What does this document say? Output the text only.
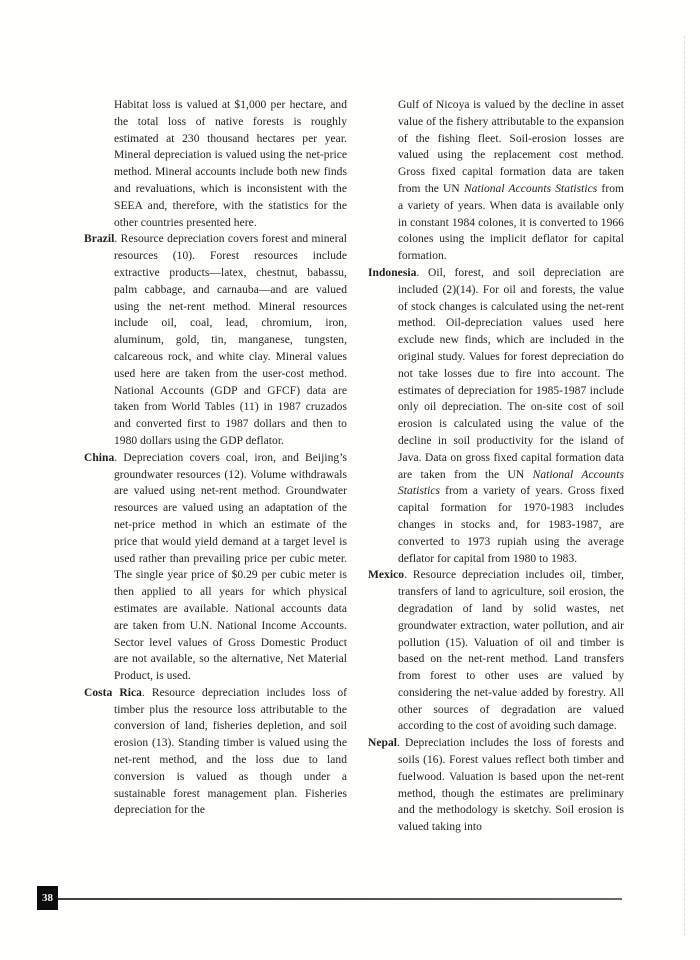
Habitat loss is valued at $1,000 per hectare, and the total loss of native forests is roughly estimated at 230 thousand hectares per year. Mineral depreciation is valued using the net-price method. Mineral accounts include both new finds and revaluations, which is inconsistent with the SEEA and, therefore, with the statistics for the other countries presented here.

Brazil. Resource depreciation covers forest and mineral resources (10). Forest resources include extractive products—latex, chestnut, babassu, palm cabbage, and carnauba—and are valued using the net-rent method. Mineral resources include oil, coal, lead, chromium, iron, aluminum, gold, tin, manganese, tungsten, calcareous rock, and white clay. Mineral values used here are taken from the user-cost method. National Accounts (GDP and GFCF) data are taken from World Tables (11) in 1987 cruzados and converted first to 1987 dollars and then to 1980 dollars using the GDP deflator.

China. Depreciation covers coal, iron, and Beijing’s groundwater resources (12). Volume withdrawals are valued using net-rent method. Groundwater resources are valued using an adaptation of the net-price method in which an estimate of the price that would yield demand at a target level is used rather than prevailing price per cubic meter. The single year price of $0.29 per cubic meter is then applied to all years for which physical estimates are available. National accounts data are taken from U.N. National Income Accounts. Sector level values of Gross Domestic Product are not available, so the alternative, Net Material Product, is used.

Costa Rica. Resource depreciation includes loss of timber plus the resource loss attributable to the conversion of land, fisheries depletion, and soil erosion (13). Standing timber is valued using the net-rent method, and the loss due to land conversion is valued as though under a sustainable forest management plan. Fisheries depreciation for the

Gulf of Nicoya is valued by the decline in asset value of the fishery attributable to the expansion of the fishing fleet. Soil-erosion losses are valued using the replacement cost method. Gross fixed capital formation data are taken from the UN National Accounts Statistics from a variety of years. When data is available only in constant 1984 colones, it is converted to 1966 colones using the implicit deflator for capital formation.

Indonesia. Oil, forest, and soil depreciation are included (2)(14). For oil and forests, the value of stock changes is calculated using the net-rent method. Oil-depreciation values used here exclude new finds, which are included in the original study. Values for forest depreciation do not take losses due to fire into account. The estimates of depreciation for 1985-1987 include only oil depreciation. The on-site cost of soil erosion is calculated using the value of the decline in soil productivity for the island of Java. Data on gross fixed capital formation data are taken from the UN National Accounts Statistics from a variety of years. Gross fixed capital formation for 1970-1983 includes changes in stocks and, for 1983-1987, are converted to 1973 rupiah using the average deflator for capital from 1980 to 1983.

Mexico. Resource depreciation includes oil, timber, transfers of land to agriculture, soil erosion, the degradation of land by solid wastes, net groundwater extraction, water pollution, and air pollution (15). Valuation of oil and timber is based on the net-rent method. Land transfers from forest to other uses are valued by considering the net-value added by forestry. All other sources of degradation are valued according to the cost of avoiding such damage.

Nepal. Depreciation includes the loss of forests and soils (16). Forest values reflect both timber and fuelwood. Valuation is based upon the net-rent method, though the estimates are preliminary and the methodology is sketchy. Soil erosion is valued taking into

38
